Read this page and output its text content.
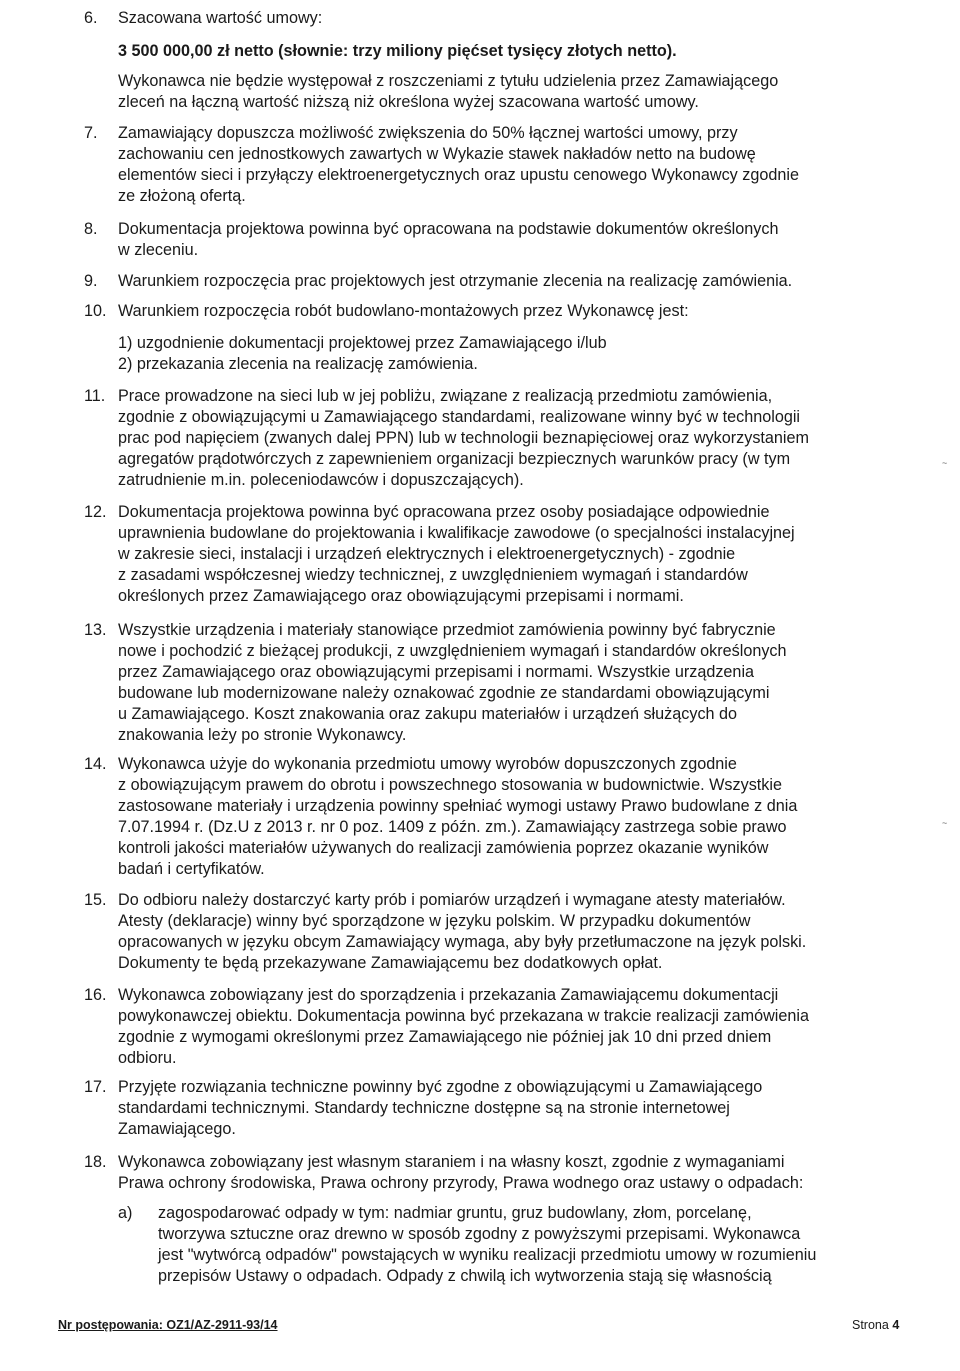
6. Szacowana wartość umowy:
3 500 000,00 zł netto (słownie: trzy miliony pięćset tysięcy złotych netto).
Wykonawca nie będzie występował z roszczeniami z tytułu udzielenia przez Zamawiającego
zleceń na łączną wartość niższą niż określona wyżej szacowana wartość umowy.
7. Zamawiający dopuszcza możliwość zwiększenia do 50% łącznej wartości umowy, przy
zachowaniu cen jednostkowych zawartych w Wykazie stawek nakładów netto na budowę
elementów sieci i przyłączy elektroenergetycznych oraz upustu cenowego Wykonawcy zgodnie
ze złożoną ofertą.
8. Dokumentacja projektowa powinna być opracowana na podstawie dokumentów określonych
w zleceniu.
9. Warunkiem rozpoczęcia prac projektowych jest otrzymanie zlecenia na realizację zamówienia.
10. Warunkiem rozpoczęcia robót budowlano-montażowych przez Wykonawcę jest:
1) uzgodnienie dokumentacji projektowej przez Zamawiającego i/lub
2) przekazania zlecenia na realizację zamówienia.
11. Prace prowadzone na sieci lub w jej pobliżu, związane z realizacją przedmiotu zamówienia,
zgodnie z obowiązującymi u Zamawiającego standardami, realizowane winny być w technologii
prac pod napięciem (zwanych dalej PPN) lub w technologii beznapięciowej oraz wykorzystaniem
agregatów prądotwórczych z zapewnieniem organizacji bezpiecznych warunków pracy (w tym
zatrudnienie m.in. poleceniodawców i dopuszczających).
12. Dokumentacja projektowa powinna być opracowana przez osoby posiadające odpowiednie
uprawnienia budowlane do projektowania i kwalifikacje zawodowe (o specjalności instalacyjnej
w zakresie sieci, instalacji i urządzeń elektrycznych i elektroenergetycznych) - zgodnie
z zasadami współczesnej wiedzy technicznej, z uwzględnieniem wymagań i standardów
określonych przez Zamawiającego oraz obowiązującymi przepisami i normami.
13. Wszystkie urządzenia i materiały stanowiące przedmiot zamówienia powinny być fabrycznie
nowe i pochodzić z bieżącej produkcji, z uwzględnieniem wymagań i standardów określonych
przez Zamawiającego oraz obowiązującymi przepisami i normami. Wszystkie urządzenia
budowane lub modernizowane należy oznakować zgodnie ze standardami obowiązującymi
u Zamawiającego. Koszt znakowania oraz zakupu materiałów i urządzeń służących do
znakowania leży po stronie Wykonawcy.
14. Wykonawca użyje do wykonania przedmiotu umowy wyrobów dopuszczonych zgodnie
z obowiązującym prawem do obrotu i powszechnego stosowania w budownictwie. Wszystkie
zastosowane materiały i urządzenia powinny spełniać wymogi ustawy Prawo budowlane z dnia
7.07.1994 r. (Dz.U z 2013 r. nr 0 poz. 1409 z późn. zm.). Zamawiający zastrzega sobie prawo
kontroli jakości materiałów używanych do realizacji zamówienia poprzez okazanie wyników
badań i certyfikatów.
15. Do odbioru należy dostarczyć karty prób i pomiarów urządzeń i wymagane atesty materiałów.
Atesty (deklaracje) winny być sporządzone w języku polskim. W przypadku dokumentów
opracowanych w języku obcym Zamawiający wymaga, aby były przetłumaczone na język polski.
Dokumenty te będą przekazywane Zamawiającemu bez dodatkowych opłat.
16. Wykonawca zobowiązany jest do sporządzenia i przekazania Zamawiającemu dokumentacji
powykonawczej obiektu. Dokumentacja powinna być przekazana w trakcie realizacji zamówienia
zgodnie z wymogami określonymi przez Zamawiającego nie później jak 10 dni przed dniem
odbioru.
17. Przyjęte rozwiązania techniczne powinny być zgodne z obowiązującymi u Zamawiającego
standardami technicznymi. Standardy techniczne dostępne są na stronie internetowej
Zamawiającego.
18. Wykonawca zobowiązany jest własnym staraniem i na własny koszt, zgodnie z wymaganiami
Prawa ochrony środowiska, Prawa ochrony przyrody, Prawa wodnego oraz ustawy o odpadach:
a) zagospodarować odpady w tym: nadmiar gruntu, gruz budowlany, złom, porcelanę,
tworzywa sztuczne oraz drewno w sposób zgodny z powyższymi przepisami. Wykonawca
jest "wytwórcą odpadów" powstających w wyniku realizacji przedmiotu umowy w rozumieniu
przepisów Ustawy o odpadach. Odpady z chwilą ich wytworzenia stają się własnością
~
~
Nr postępowania: OZ1/AZ-2911-93/14	Strona 4
